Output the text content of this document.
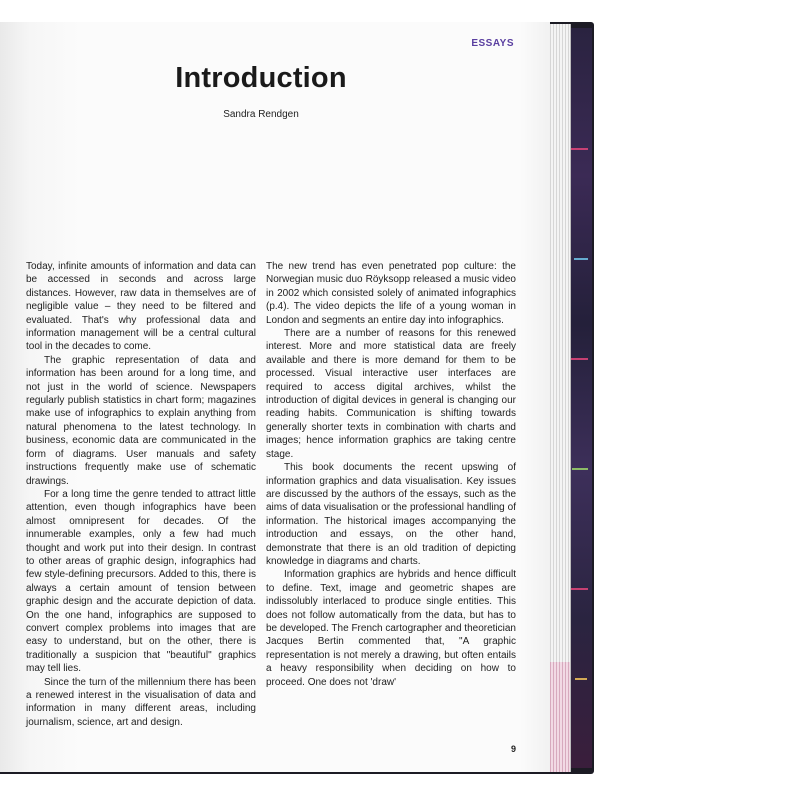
ESSAYS
Introduction
Sandra Rendgen

Today, infinite amounts of information and data can be accessed in seconds and across large distances. However, raw data in themselves are of negligible value – they need to be filtered and evaluated. That's why professional data and information management will be a central cultural tool in the decades to come.

The graphic representation of data and information has been around for a long time, and not just in the world of science. Newspapers regularly publish statistics in chart form; magazines make use of infographics to explain anything from natural phenomena to the latest technology. In business, economic data are communicated in the form of diagrams. User manuals and safety instructions frequently make use of schematic drawings.

For a long time the genre tended to attract little attention, even though infographics have been almost omnipresent for decades. Of the innumerable examples, only a few had much thought and work put into their design. In contrast to other areas of graphic design, infographics had few style-defining precursors. Added to this, there is always a certain amount of tension between graphic design and the accurate depiction of data. On the one hand, infographics are supposed to convert complex problems into images that are easy to understand, but on the other, there is traditionally a suspicion that "beautiful" graphics may tell lies.

Since the turn of the millennium there has been a renewed interest in the visualisation of data and information in many different areas, including journalism, science, art and design.

The new trend has even penetrated pop culture: the Norwegian music duo Röyksopp released a music video in 2002 which consisted solely of animated infographics (p.4). The video depicts the life of a young woman in London and segments an entire day into infographics.

There are a number of reasons for this renewed interest. More and more statistical data are freely available and there is more demand for them to be processed. Visual interactive user interfaces are required to access digital archives, whilst the introduction of digital devices in general is changing our reading habits. Communication is shifting towards generally shorter texts in combination with charts and images; hence information graphics are taking centre stage.

This book documents the recent upswing of information graphics and data visualisation. Key issues are discussed by the authors of the essays, such as the aims of data visualisation or the professional handling of information. The historical images accompanying the introduction and essays, on the other hand, demonstrate that there is an old tradition of depicting knowledge in diagrams and charts.

Information graphics are hybrids and hence difficult to define. Text, image and geometric shapes are indissolubly interlaced to produce single entities. This does not follow automatically from the data, but has to be developed. The French cartographer and theoretician Jacques Bertin commented that, "A graphic representation is not merely a drawing, but often entails a heavy responsibility when deciding on how to proceed. One does not 'draw'

9
